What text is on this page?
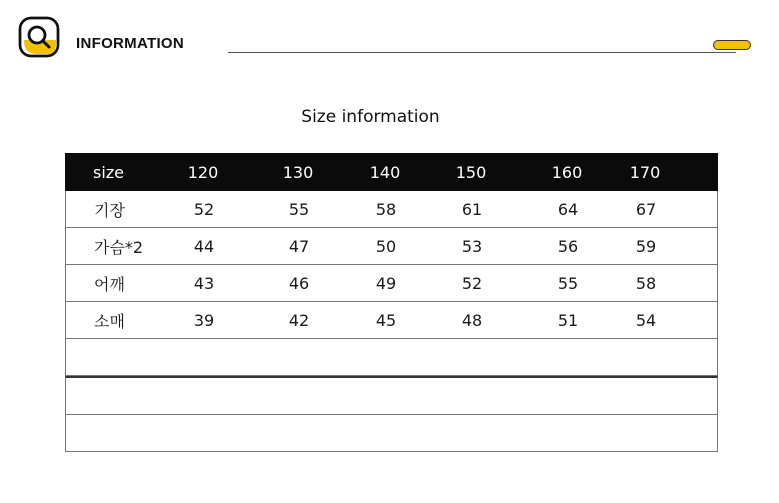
INFORMATION
Size information
size	120	130	140	150	160	170
기장	52	55	58	61	64	67
가슴*2	44	47	50	53	56	59
어깨	43	46	49	52	55	58
소매	39	42	45	48	51	54
